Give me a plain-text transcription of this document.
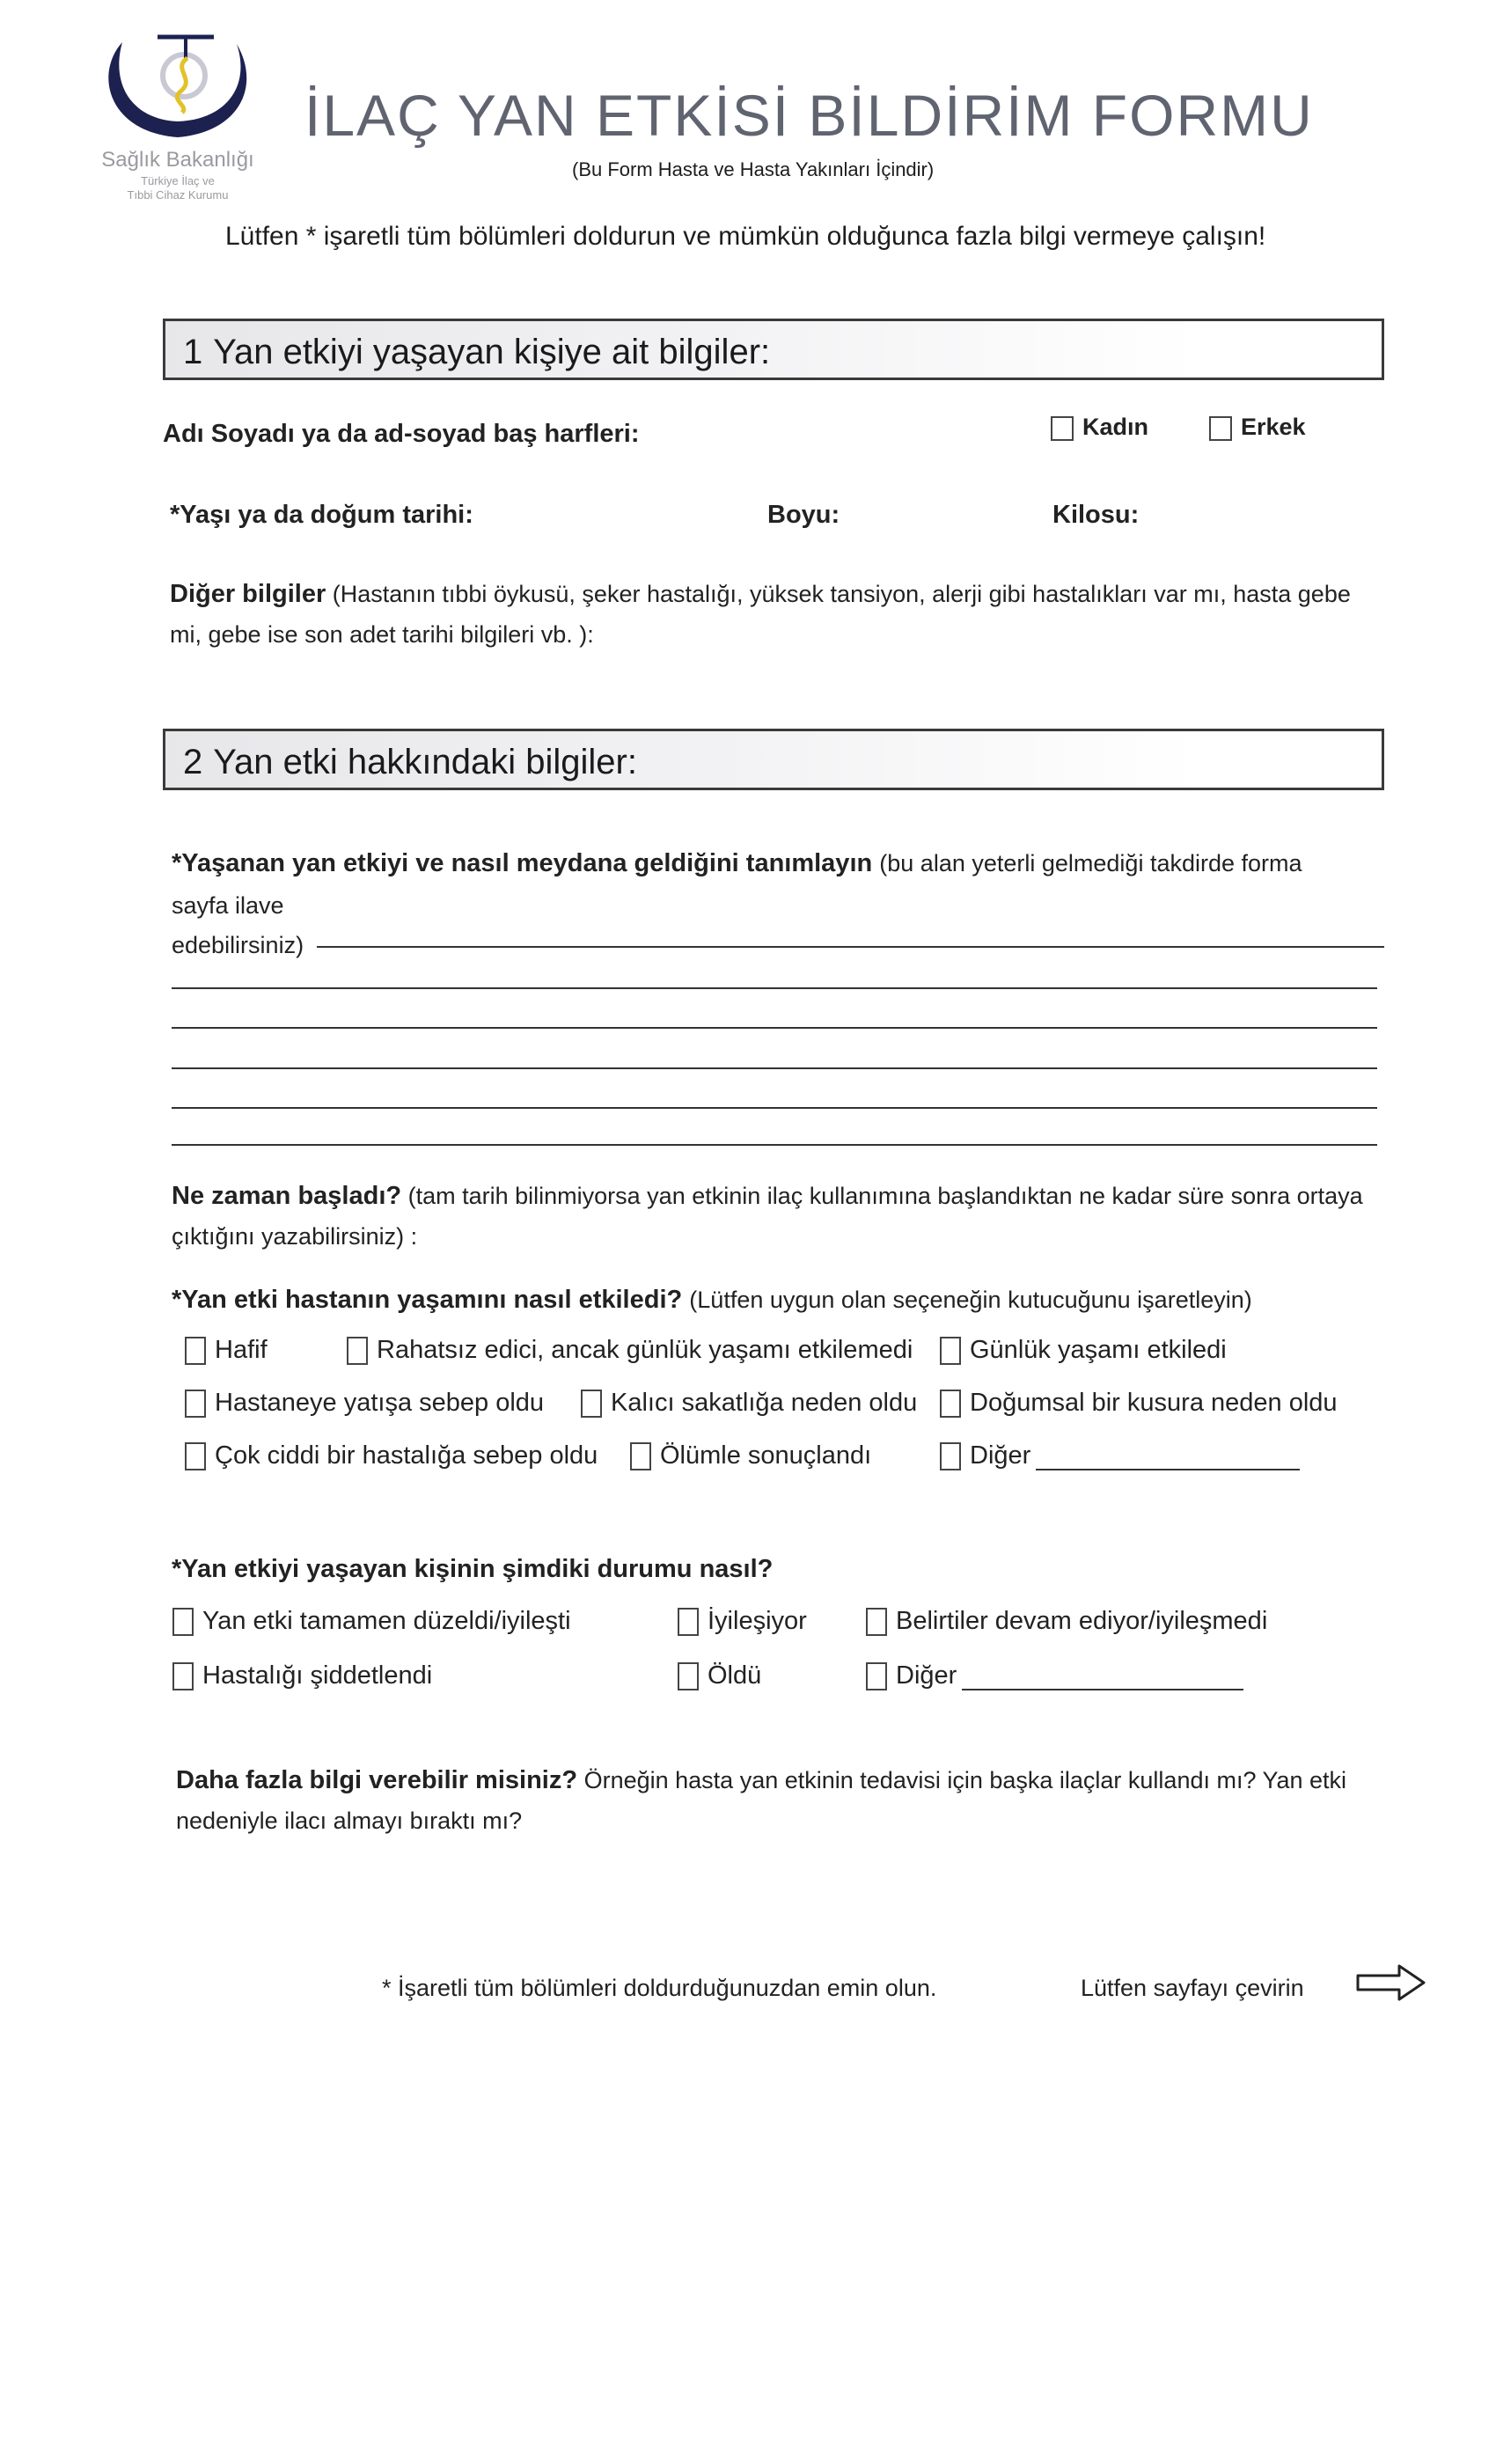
Sağlık Bakanlığı
Türkiye İlaç ve
Tıbbi Cihaz Kurumu
İLAÇ YAN ETKİSİ BİLDİRİM FORMU
(Bu Form Hasta ve Hasta Yakınları İçindir)
Lütfen * işaretli tüm bölümleri doldurun ve mümkün olduğunca fazla bilgi vermeye çalışın!
1 Yan etkiyi yaşayan kişiye ait bilgiler:
Adı Soyadı ya da ad-soyad baş harfleri:	Kadın	Erkek
*Yaşı ya da doğum tarihi:	Boyu:	Kilosu:
Diğer bilgiler (Hastanın tıbbi öykusü, şeker hastalığı, yüksek tansiyon, alerji gibi hastalıkları var mı, hasta gebe mi, gebe ise son adet tarihi bilgileri vb. ):
2 Yan etki hakkındaki bilgiler:
*Yaşanan yan etkiyi ve nasıl meydana geldiğini tanımlayın (bu alan yeterli gelmediği takdirde forma
sayfa ilave
edebilirsiniz)
Ne zaman başladı? (tam tarih bilinmiyorsa yan etkinin ilaç kullanımına başlandıktan ne kadar süre sonra ortaya çıktığını yazabilirsiniz) :
*Yan etki hastanın yaşamını nasıl etkiledi? (Lütfen uygun olan seçeneğin kutucuğunu işaretleyin)
Hafif	Rahatsız edici, ancak günlük yaşamı etkilemedi	Günlük yaşamı etkiledi
Hastaneye yatışa sebep oldu	Kalıcı sakatlığa neden oldu	Doğumsal bir kusura neden oldu
Çok ciddi bir hastalığa sebep oldu	Ölümle sonuçlandı	Diğer
*Yan etkiyi yaşayan kişinin şimdiki durumu nasıl?
Yan etki tamamen düzeldi/iyileşti	İyileşiyor	Belirtiler devam ediyor/iyileşmedi
Hastalığı şiddetlendi	Öldü	Diğer
Daha fazla bilgi verebilir misiniz? Örneğin hasta yan etkinin tedavisi için başka ilaçlar kullandı mı? Yan etki nedeniyle ilacı almayı bıraktı mı?
* İşaretli tüm bölümleri doldurduğunuzdan emin olun.	Lütfen sayfayı çevirin
